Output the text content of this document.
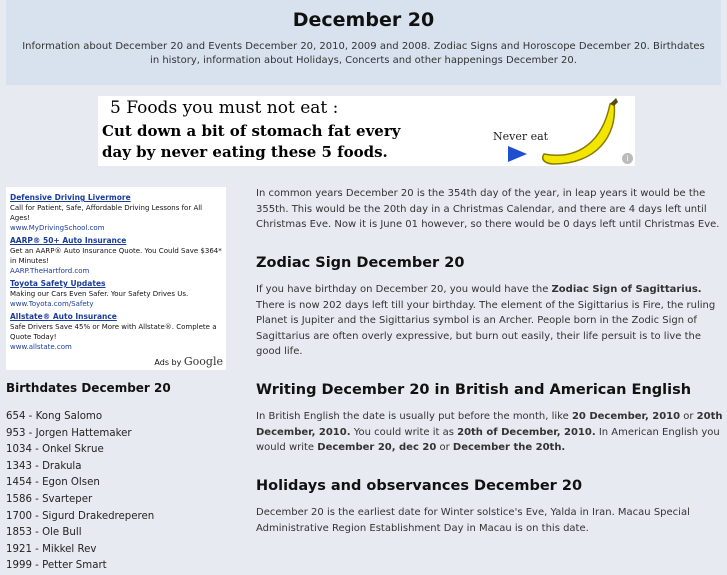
December 20

Information about December 20 and Events December 20, 2010, 2009 and 2008. Zodiac Signs and Horoscope December 20. Birthdates in history, information about Holidays, Concerts and other happenings December 20.

5 Foods you must not eat :
Cut down a bit of stomach fat every
day by never eating these 5 foods.
Never eat
i
Defensive Driving Livermore
Call for Patient, Safe, Affordable Driving Lessons for All Ages!
www.MyDrivingSchool.com
AARP® 50+ Auto Insurance
Get an AARP® Auto Insurance Quote. You Could Save $364* in Minutes!
AARP.TheHartford.com
Toyota Safety Updates
Making our Cars Even Safer. Your Safety Drives Us.
www.Toyota.com/Safety
Allstate® Auto Insurance
Safe Drivers Save 45% or More with Allstate®. Complete a Quote Today!
www.allstate.com
Ads by Google
Birthdates December 20
654 - Kong Salomo
953 - Jorgen Hattemaker
1034 - Onkel Skrue
1343 - Drakula
1454 - Egon Olsen
1586 - Svarteper
1700 - Sigurd Drakedreperen
1853 - Ole Bull
1921 - Mikkel Rev
1999 - Petter Smart

In common years December 20 is the 354th day of the year, in leap years it would be the 355th. This would be the 20th day in a Christmas Calendar, and there are 4 days left until Christmas Eve. Now it is June 01 however, so there would be 0 days left until Christmas Eve.

Zodiac Sign December 20

If you have birthday on December 20, you would have the Zodiac Sign of Sagittarius. There is now 202 days left till your birthday. The element of the Sigittarius is Fire, the ruling Planet is Jupiter and the Sigittarius symbol is an Archer. People born in the Zodic Sign of Sagittarius are often overly expressive, but burn out easily, their life persuit is to live the good life.

Writing December 20 in British and American English

In British English the date is usually put before the month, like 20 December, 2010 or 20th December, 2010. You could write it as 20th of December, 2010. In American English you would write December 20, dec 20 or December the 20th.

Holidays and observances December 20

December 20 is the earliest date for Winter solstice's Eve, Yalda in Iran. Macau Special Administrative Region Establishment Day in Macau is on this date.
